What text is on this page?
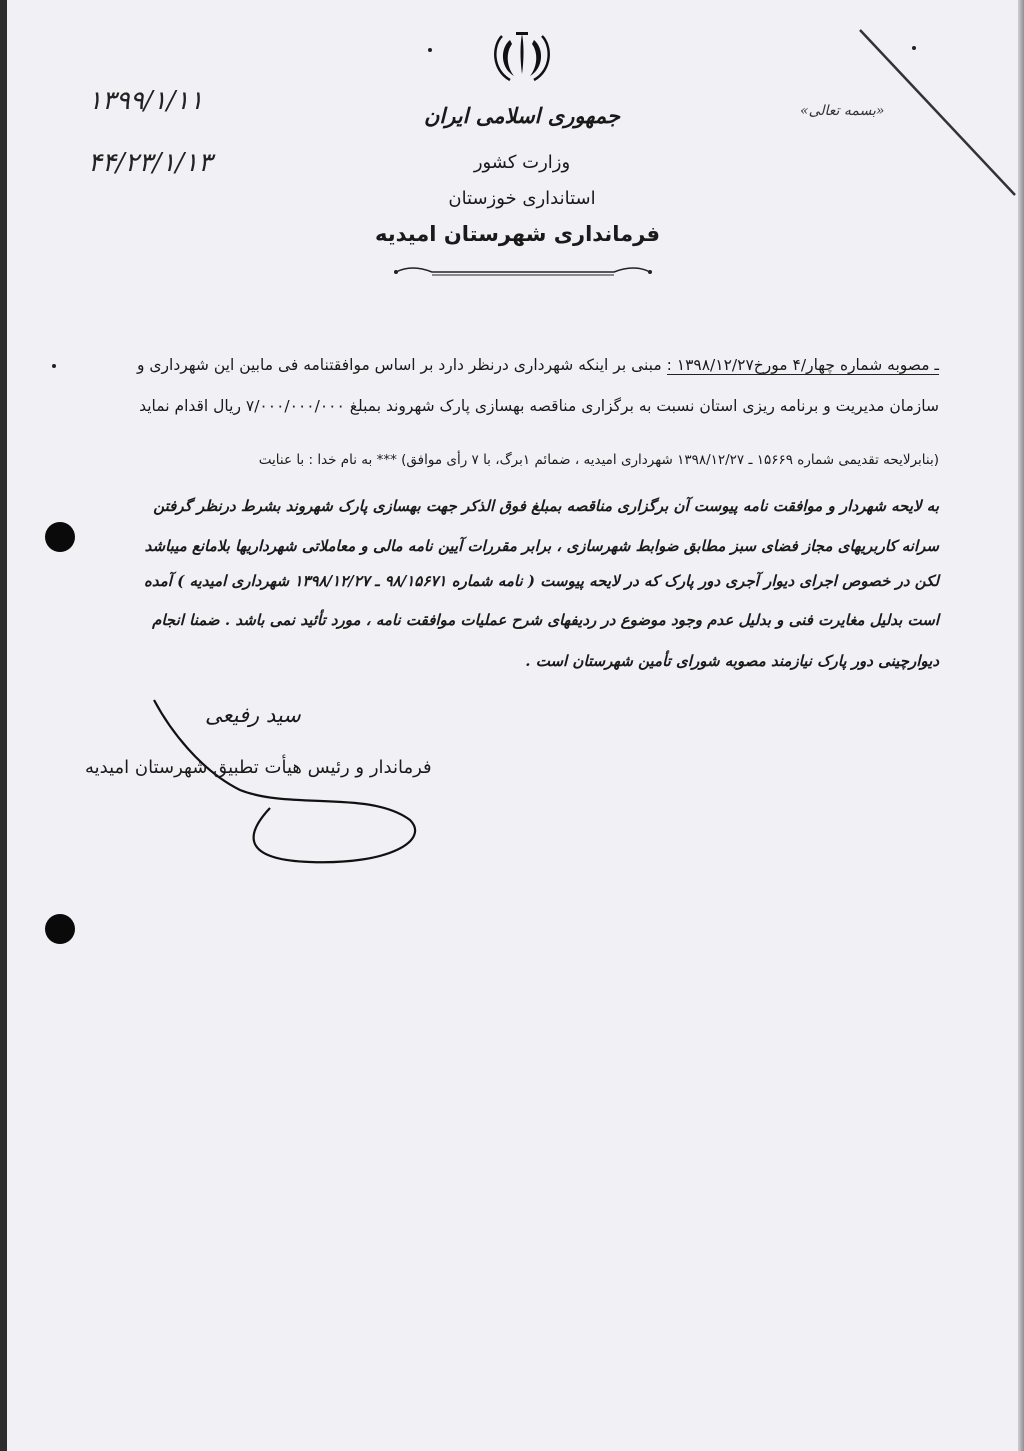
جمهوری اسلامی ایران
وزارت کشور
استانداری خوزستان
فرمانداری شهرستان امیدیه
۱۳۹۹/۱/۱۱
۴۴/۲۳/۱/۱۳
«بسمه تعالی»
ـ مصوبه شماره چهار/۴ مورخ۱۳۹۸/۱۲/۲۷ : مبنی بر اینکه شهرداری درنظر دارد بر اساس موافقتنامه فی مابین این شهرداری و
سازمان مدیریت و برنامه ریزی استان نسبت به برگزاری مناقصه بهسازی پارک شهروند بمبلغ ۷/۰۰۰/۰۰۰/۰۰۰ ریال اقدام نماید
(بنابرلایحه تقدیمی شماره ۱۵۶۶۹ ـ ۱۳۹۸/۱۲/۲۷ شهرداری امیدیه ، ضمائم ۱برگ، با ۷ رأی موافق) *** به نام خدا : با عنایت
به لایحه شهردار و موافقت نامه پیوست آن برگزاری مناقصه بمبلغ فوق الذکر جهت بهسازی پارک شهروند بشرط درنظر گرفتن
سرانه کاربریهای مجاز فضای سبز مطابق ضوابط شهرسازی ، برابر مقررات آیین نامه مالی و معاملاتی شهرداریها بلامانع میباشد
لکن در خصوص اجرای دیوار آجری دور پارک که در لایحه پیوست ( نامه شماره ۹۸/۱۵۶۷۱ ـ ۱۳۹۸/۱۲/۲۷ شهرداری امیدیه ) آمده
است بدلیل مغایرت فنی و بدلیل عدم وجود موضوع در ردیفهای شرح عملیات موافقت نامه ، مورد تأئید نمی باشد . ضمنا انجام
دیوارچینی دور پارک نیازمند مصوبه شورای تأمین شهرستان است .
سید رفیعی
فرماندار و رئیس هیأت تطبیق شهرستان امیدیه
